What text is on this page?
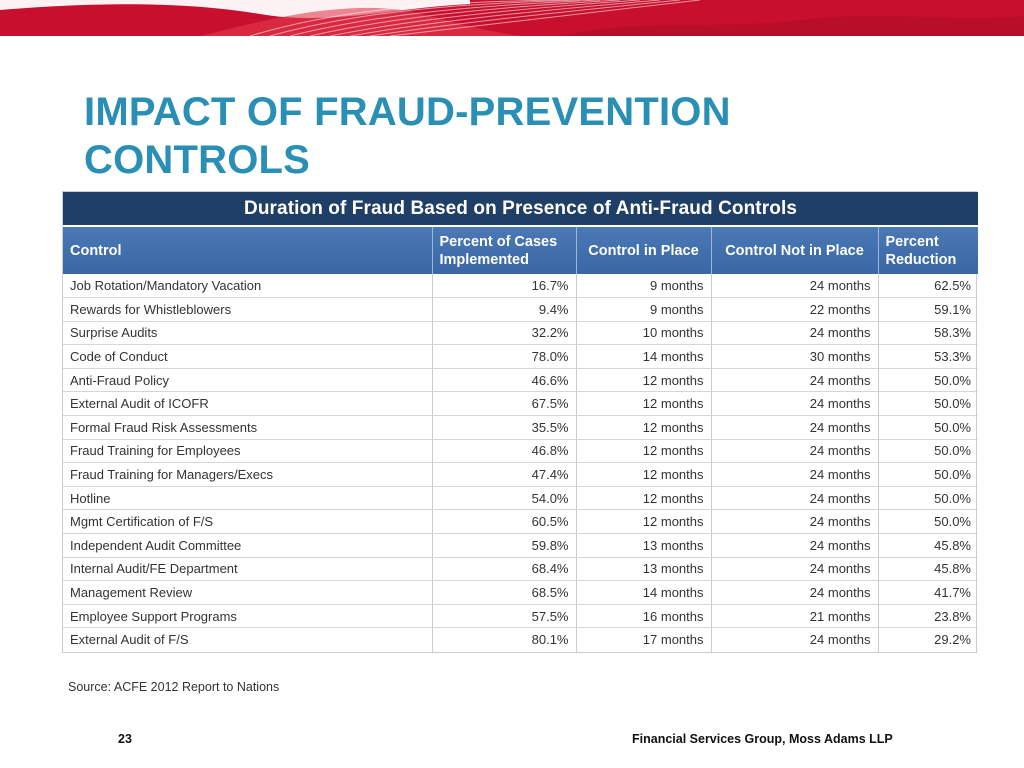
IMPACT OF FRAUD-PREVENTION CONTROLS
Duration of Fraud Based on Presence of Anti-Fraud Controls				
Control	Percent of Cases Implemented	Control in Place	Control Not in Place	Percent Reduction
Job Rotation/Mandatory Vacation	16.7%	9 months	24 months	62.5%
Rewards for Whistleblowers	9.4%	9 months	22 months	59.1%
Surprise Audits	32.2%	10 months	24 months	58.3%
Code of Conduct	78.0%	14 months	30 months	53.3%
Anti-Fraud Policy	46.6%	12 months	24 months	50.0%
External Audit of ICOFR	67.5%	12 months	24 months	50.0%
Formal Fraud Risk Assessments	35.5%	12 months	24 months	50.0%
Fraud Training for Employees	46.8%	12 months	24 months	50.0%
Fraud Training for Managers/Execs	47.4%	12 months	24 months	50.0%
Hotline	54.0%	12 months	24 months	50.0%
Mgmt Certification of F/S	60.5%	12 months	24 months	50.0%
Independent Audit Committee	59.8%	13 months	24 months	45.8%
Internal Audit/FE Department	68.4%	13 months	24 months	45.8%
Management Review	68.5%	14 months	24 months	41.7%
Employee Support Programs	57.5%	16 months	21 months	23.8%
External Audit of F/S	80.1%	17 months	24 months	29.2%
Source: ACFE 2012 Report to Nations
23	Financial Services Group, Moss Adams LLP
